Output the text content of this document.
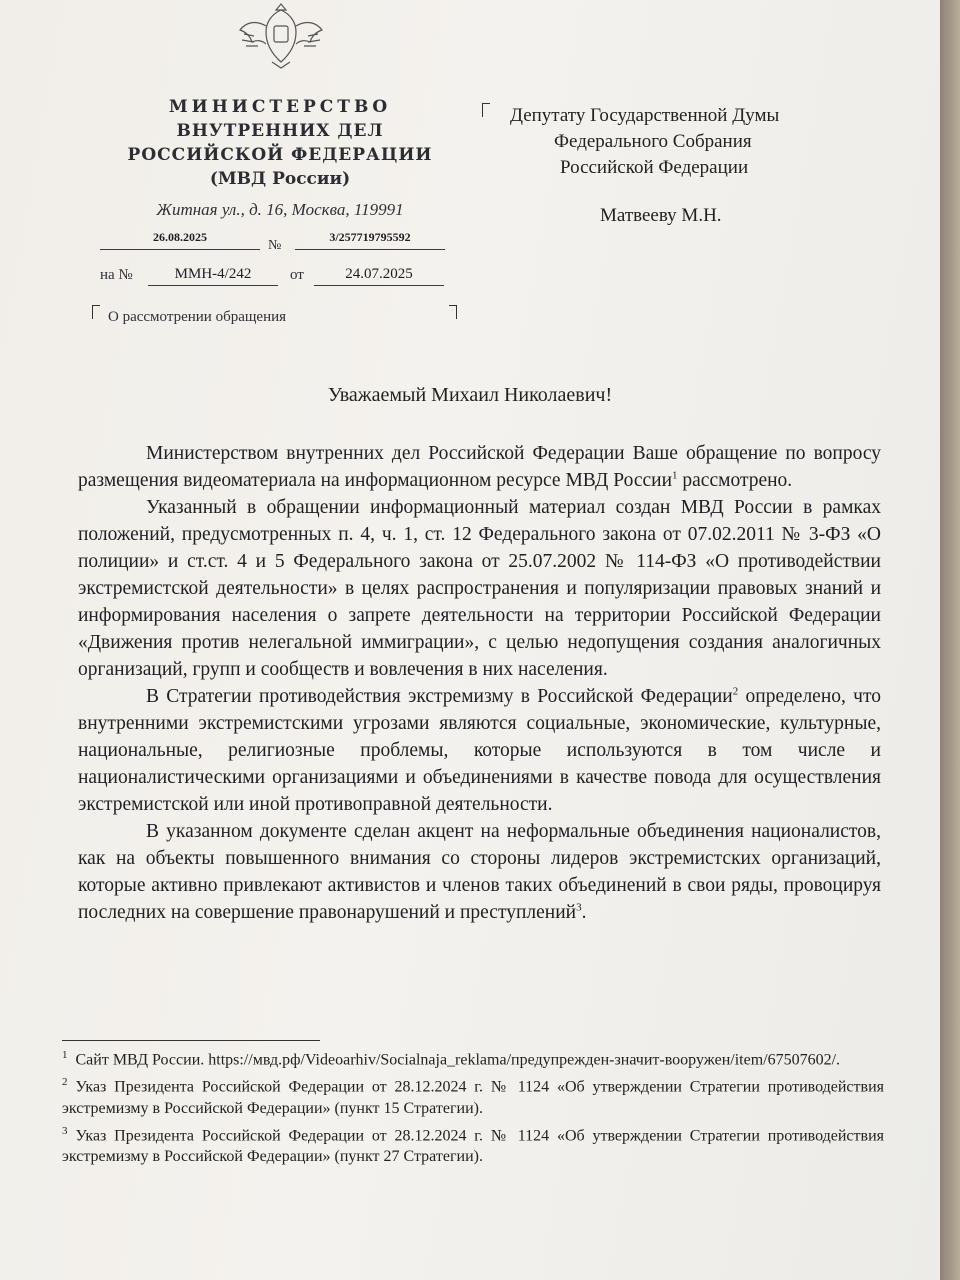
МИНИСТЕРСТВО
ВНУТРЕННИХ ДЕЛ
РОССИЙСКОЙ ФЕДЕРАЦИИ
(МВД России)
Житная ул., д. 16, Москва, 119991
26.08.2025
№
3/257719795592
на №	ММН-4/242	от	24.07.2025
О рассмотрении обращения
Депутату Государственной Думы
Федерального Собрания
Российской Федерации
Матвееву М.Н.
Уважаемый Михаил Николаевич!

Министерством внутренних дел Российской Федерации Ваше обращение по вопросу размещения видеоматериала на информационном ресурсе МВД России$^1$ рассмотрено.

Указанный в обращении информационный материал создан МВД России в рамках положений, предусмотренных п. 4, ч. 1, ст. 12 Федерального закона от 07.02.2011 № 3-ФЗ «О полиции» и ст.ст. 4 и 5 Федерального закона от 25.07.2002 № 114-ФЗ «О противодействии экстремистской деятельности» в целях распространения и популяризации правовых знаний и информирования населения о запрете деятельности на территории Российской Федерации «Движения против нелегальной иммиграции», с целью недопущения создания аналогичных организаций, групп и сообществ и вовлечения в них населения.

В Стратегии противодействия экстремизму в Российской Федерации$^2$ определено, что внутренними экстремистскими угрозами являются социальные, экономические, культурные, национальные, религиозные проблемы, которые используются в том числе и националистическими организациями и объединениями в качестве повода для осуществления экстремистской или иной противоправной деятельности.

В указанном документе сделан акцент на неформальные объединения националистов, как на объекты повышенного внимания со стороны лидеров экстремистских организаций, которые активно привлекают активистов и членов таких объединений в свои ряды, провоцируя последних на совершение правонарушений и преступлений$^3$.

$^1$ Сайт МВД России. https://мвд.рф/Videoarhiv/Socialnaja_reklama/предупрежден-значит-вооружен/item/67507602/.
$^2$ Указ Президента Российской Федерации от 28.12.2024 г. № 1124 «Об утверждении Стратегии противодействия экстремизму в Российской Федерации» (пункт 15 Стратегии).
$^3$ Указ Президента Российской Федерации от 28.12.2024 г. № 1124 «Об утверждении Стратегии противодействия экстремизму в Российской Федерации» (пункт 27 Стратегии).
